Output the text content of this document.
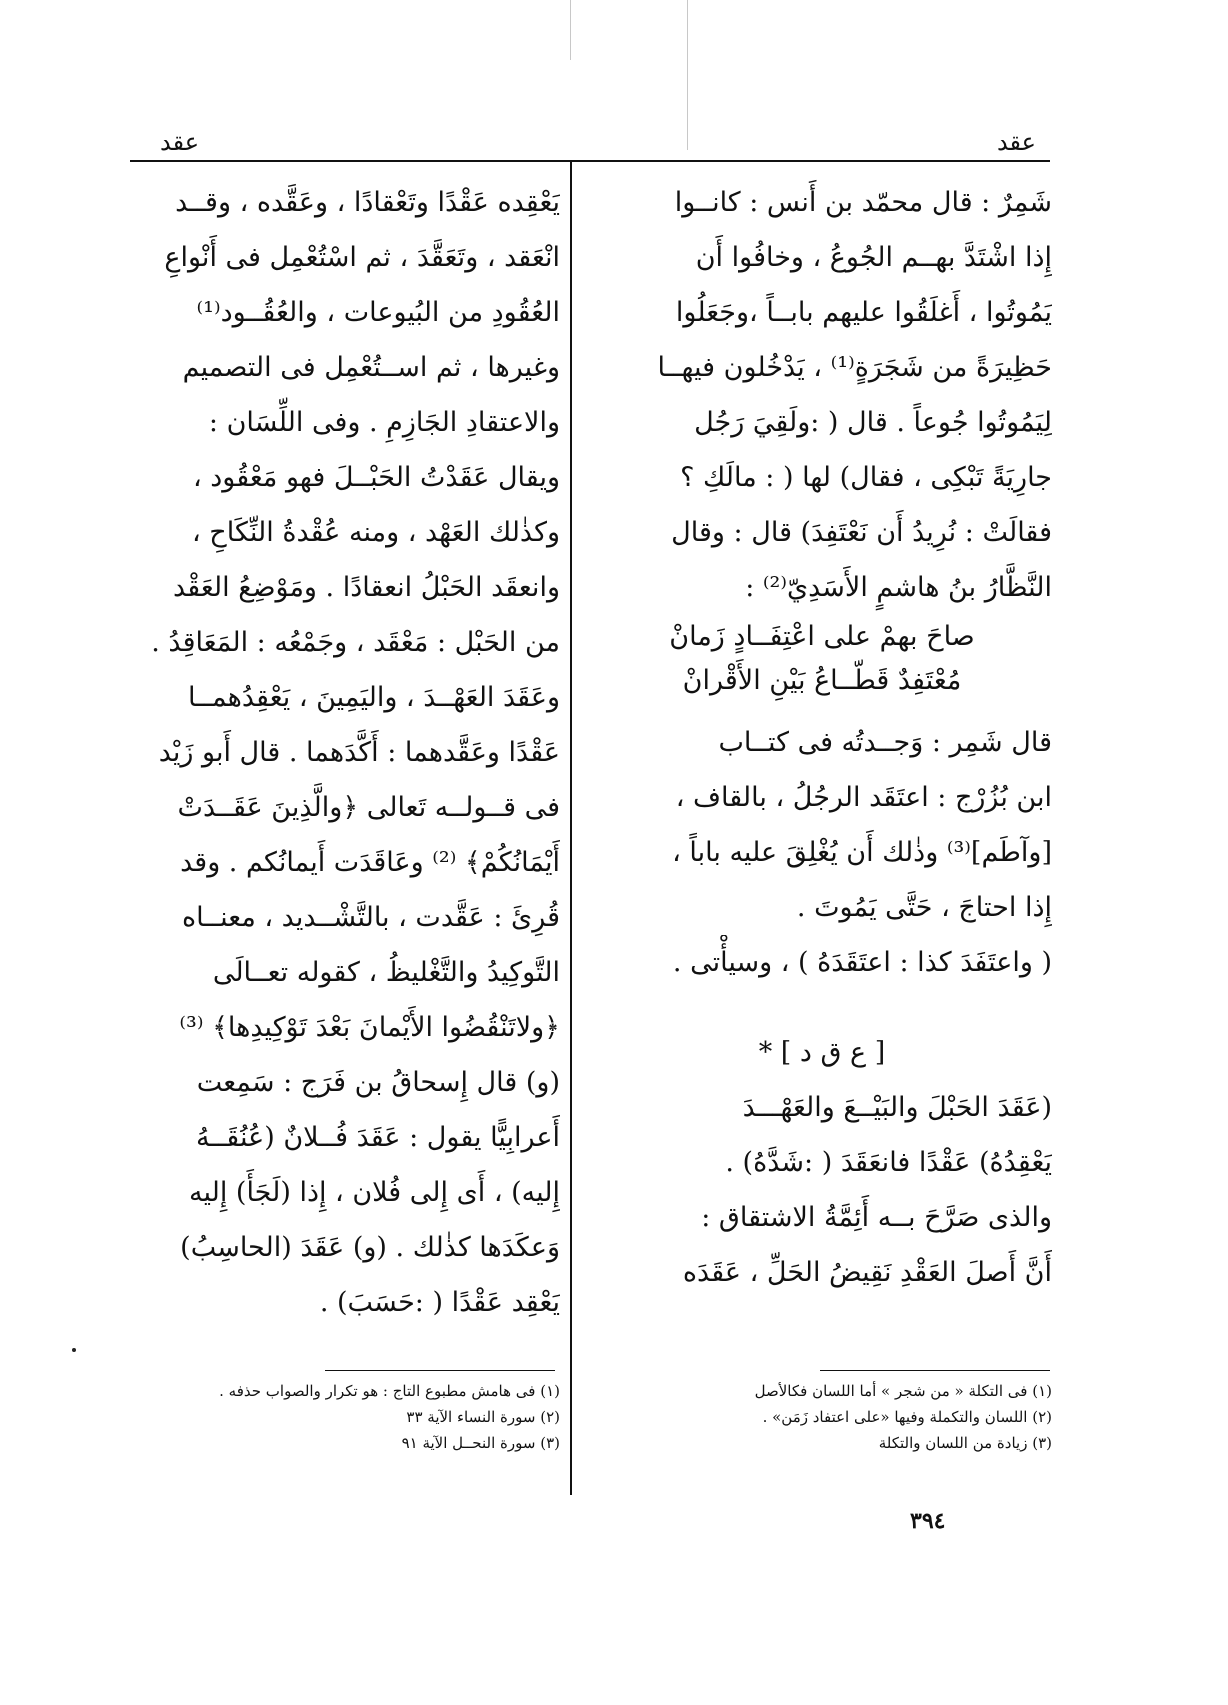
عقد
عقد

شَمِرٌ : قال محمّد بن أَنس : كانــوا

إِذا اشْتَدَّ بهــم الجُوعُ ، وخافُوا أَن

يَمُوتُوا ، أَغلَقُوا عليهم بابــاً ،وجَعَلُوا

حَظِيرَةً من شَجَرَةٍ⁽¹⁾ ، يَدْخُلون فيهــا

لِيَمُوتُوا جُوعاً . قال ( :ولَقِيَ رَجُل

جارِيَةً تَبْكِى ، فقال) لها ( : مالَكِ ؟

فقالَتْ : نُرِيدُ أَن نَعْتَفِدَ) قال : وقال

النَّظَّارُ بنُ هاشمٍ الأَسَدِيّ⁽²⁾ :

صاحَ بهمْ على اعْتِفَــادٍ زَمانْ

مُعْتَفِدٌ قَطَّــاعُ بَيْنِ الأَقْرانْ

قال شَمِر : وَجــدتُه فى كتــاب

ابن بُزُرْج : اعتَقَد الرجُلُ ، بالقاف ،

[وآطَم]⁽³⁾ وذٰلك أَن يُغْلِقَ عليه باباً ،

إِذا احتاجَ ، حَتَّى يَمُوتَ .

( واعتَفَدَ كذا : اعتَقَدَهُ ) ، وسيأْتى .

[ ع ق د ] *

(عَقَدَ الحَبْلَ والبَيْــعَ والعَهْـــدَ

يَعْقِدُهُ) عَقْدًا فانعَقَدَ ( :شَدَّهُ) .

والذى صَرَّحَ بــه أَئِمَّةُ الاشتقاق :

أَنَّ أَصلَ العَقْدِ نَقِيضُ الحَلِّ ، عَقَدَه

يَعْقِده عَقْدًا وتَعْقادًا ، وعَقَّده ، وقــد

انْعَقد ، وتَعَقَّدَ ، ثم اسْتُعْمِل فى أَنْواعِ

العُقُودِ من البُيوعات ، والعُقُــود⁽¹⁾

وغيرها ، ثم اســتُعْمِل فى التصميم

والاعتقادِ الجَازِمِ . وفى اللِّسَان :

ويقال عَقَدْتُ الحَبْــلَ فهو مَعْقُود ،

وكذٰلك العَهْد ، ومنه عُقْدةُ النِّكَاحِ ،

وانعقَد الحَبْلُ انعقادًا . ومَوْضِعُ العَقْد

من الحَبْل : مَعْقَد ، وجَمْعُه : المَعَاقِدُ .

وعَقَدَ العَهْــدَ ، واليَمِينَ ، يَعْقِدُهمــا

عَقْدًا وعَقَّدهما : أَكَّدَهما . قال أَبو زَيْد

فى قــولــه تَعالى ﴿والَّذِينَ عَقَــدَتْ

أَيْمَانُكُمْ﴾ ⁽²⁾ وعَاقَدَت أَيمانُكم . وقد

قُرِئَ : عَقَّدت ، بالتَّشْــديد ، معنــاه

التَّوكِيدُ والتَّغْليظُ ، كقوله تعــالَى

﴿ولاتَنْقُضُوا الأَيْمانَ بَعْدَ تَوْكِيدِها﴾ ⁽³⁾

(و) قال إِسحاقُ بن فَرَج : سَمِعت

أَعرابِيًّا يقول : عَقَدَ فُــلانٌ (عُنُقَــهُ

إِليه) ، أَى إِلى فُلان ، إِذا (لَجَأَ) إِليه

وَعكَدَها كذٰلك . (و) عَقَدَ (الحاسِبُ)

يَعْقِد عَقْدًا ( :حَسَبَ) .

(١) فى التكلة « من شجر » أما اللسان فكالأصل
(٢) اللسان والتكملة وفيها «على اعتفاد زَمَن» .
(٣) زيادة من اللسان والتكلة
(١) فى هامش مطبوع التاج : هو تكرار والصواب حذفه .
(٢) سورة النساء الآية ٣٣
(٣) سورة النحــل الآية ٩١
٣٩٤
